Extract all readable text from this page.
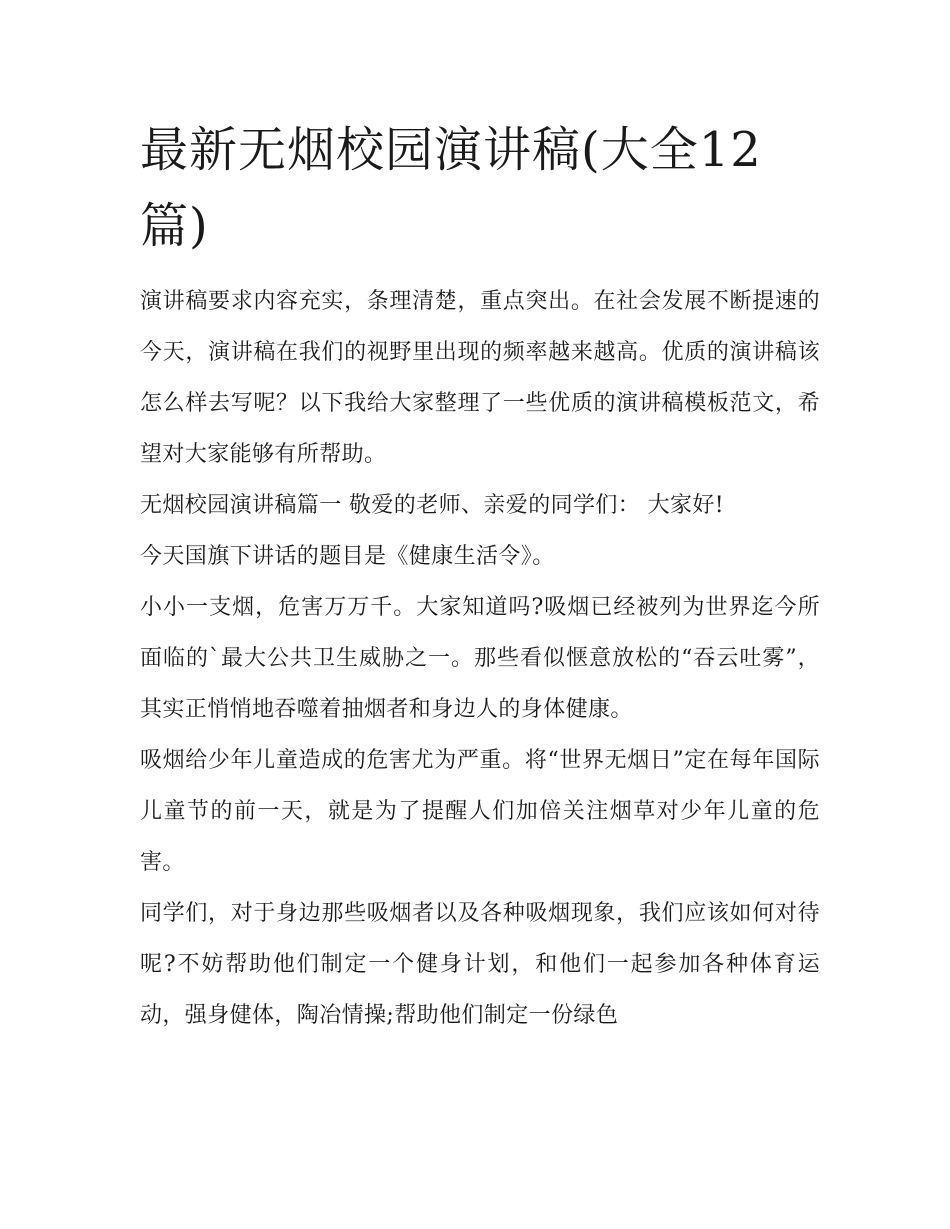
最新无烟校园演讲稿(大全12篇)

演讲稿要求内容充实，条理清楚，重点突出。在社会发展不断提速的今天，演讲稿在我们的视野里出现的频率越来越高。优质的演讲稿该怎么样去写呢？以下我给大家整理了一些优质的演讲稿模板范文，希望对大家能够有所帮助。

无烟校园演讲稿篇一 敬爱的老师、亲爱的同学们： 大家好!

今天国旗下讲话的题目是《健康生活令》。

小小一支烟，危害万万千。大家知道吗?吸烟已经被列为世界迄今所面临的`最大公共卫生威胁之一。那些看似惬意放松的“吞云吐雾”，其实正悄悄地吞噬着抽烟者和身边人的身体健康。

吸烟给少年儿童造成的危害尤为严重。将“世界无烟日”定在每年国际儿童节的前一天，就是为了提醒人们加倍关注烟草对少年儿童的危害。

同学们，对于身边那些吸烟者以及各种吸烟现象，我们应该如何对待呢?不妨帮助他们制定一个健身计划，和他们一起参加各种体育运动，强身健体，陶冶情操;帮助他们制定一份绿色
